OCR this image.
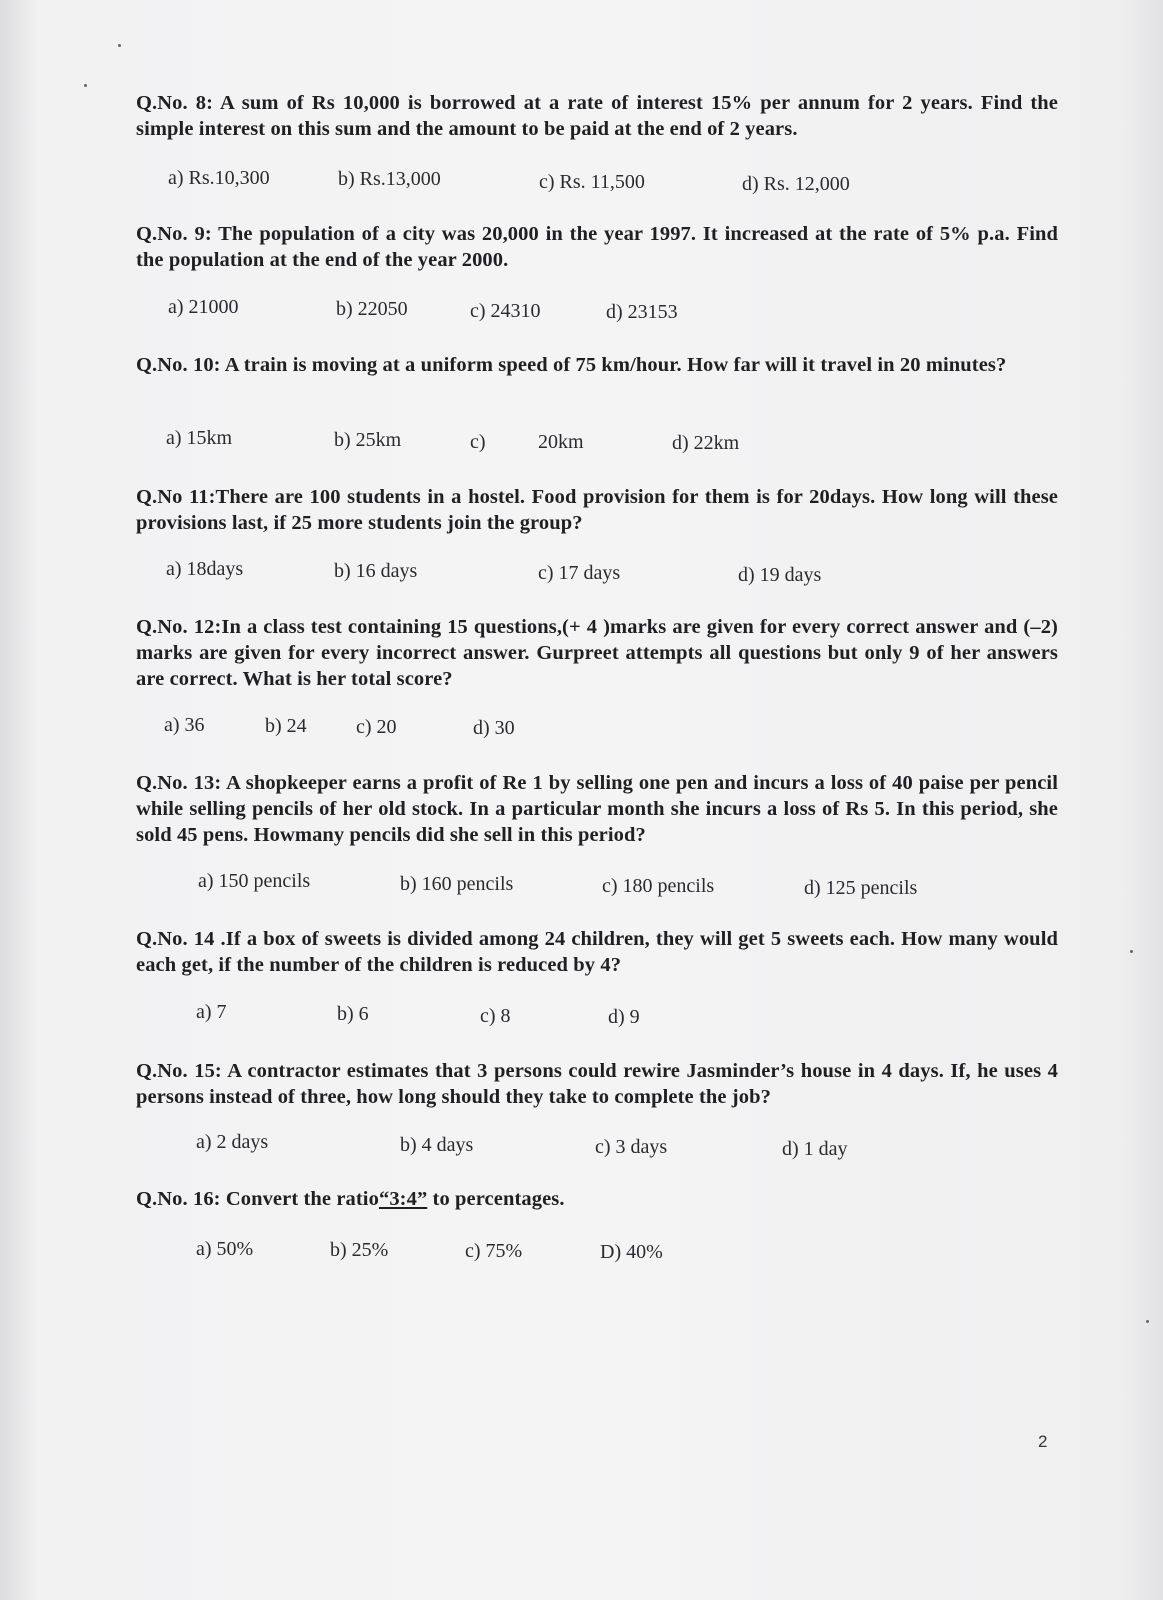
Q.No. 8: A sum of Rs 10,000 is borrowed at a rate of interest 15% per annum for 2 years. Find the simple interest on this sum and the amount to be paid at the end of 2 years.
a) Rs.10,300	b) Rs.13,000	c) Rs. 11,500	d) Rs. 12,000
Q.No. 9: The population of a city was 20,000 in the year 1997. It increased at the rate of 5% p.a. Find the population at the end of the year 2000.
a) 21000	b) 22050	c) 24310	d) 23153
Q.No. 10: A train is moving at a uniform speed of 75 km/hour. How far will it travel in 20 minutes?
a) 15km	b) 25km	c)	20km	d) 22km
Q.No 11:There are 100 students in a hostel. Food provision for them is for 20days. How long will these provisions last, if 25 more students join the group?
a) 18days	b) 16 days	c) 17 days	d) 19 days
Q.No. 12:In a class test containing 15 questions,(+ 4 )marks are given for every correct answer and (–2) marks are given for every incorrect answer. Gurpreet attempts all questions but only 9 of her answers are correct. What is her total score?
a) 36	b) 24 c) 20	d) 30
Q.No. 13: A shopkeeper earns a profit of Re 1 by selling one pen and incurs a loss of 40 paise per pencil while selling pencils of her old stock. In a particular month she incurs a loss of Rs 5. In this period, she sold 45 pens. Howmany pencils did she sell in this period?
a) 150 pencils	b) 160 pencils	c) 180 pencils	d) 125 pencils
Q.No. 14 .If a box of sweets is divided among 24 children, they will get 5 sweets each. How many would each get, if the number of the children is reduced by 4?
a) 7	b) 6	c) 8	d) 9
Q.No. 15: A contractor estimates that 3 persons could rewire Jasminder’s house in 4 days. If, he uses 4 persons instead of three, how long should they take to complete the job?
a) 2 days	b) 4 days	c) 3 days	d) 1 day
Q.No. 16: Convert the ratio“3:4” to percentages.
a) 50%	b) 25%	c) 75%	D) 40%
2
